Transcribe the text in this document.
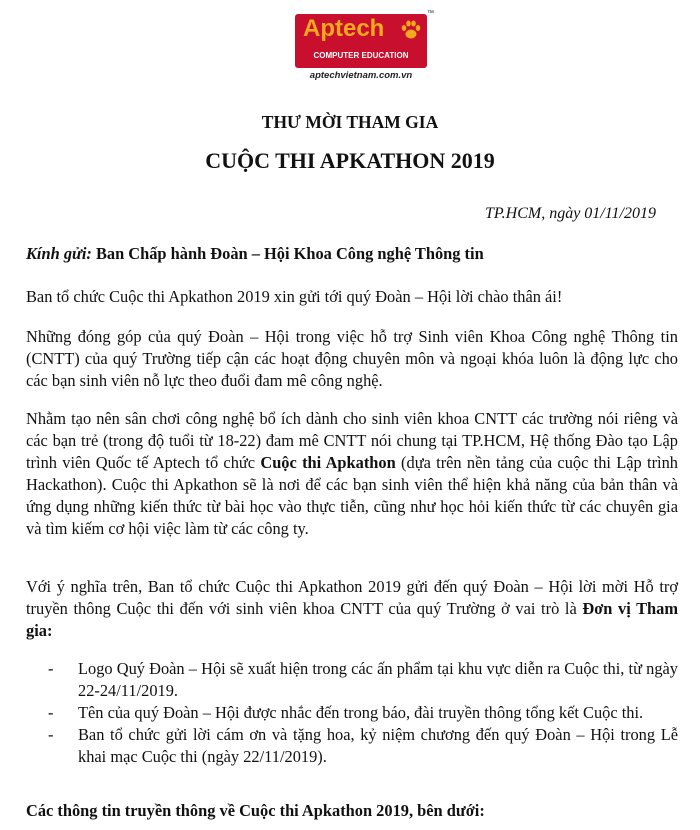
Aptech
™
COMPUTER EDUCATION
aptechvietnam.com.vn
THƯ MỜI THAM GIA
CUỘC THI APKATHON 2019
TP.HCM, ngày 01/11/2019

Kính gửi: Ban Chấp hành Đoàn – Hội Khoa Công nghệ Thông tin

Ban tổ chức Cuộc thi Apkathon 2019 xin gửi tới quý Đoàn – Hội lời chào thân ái!

Những đóng góp của quý Đoàn – Hội trong việc hỗ trợ Sinh viên Khoa Công nghệ Thông tin (CNTT) của quý Trường tiếp cận các hoạt động chuyên môn và ngoại khóa luôn là động lực cho các bạn sinh viên nỗ lực theo đuổi đam mê công nghệ.

Nhằm tạo nên sân chơi công nghệ bổ ích dành cho sinh viên khoa CNTT các trường nói riêng và các bạn trẻ (trong độ tuổi từ 18-22) đam mê CNTT nói chung tại TP.HCM, Hệ thống Đào tạo Lập trình viên Quốc tế Aptech tổ chức Cuộc thi Apkathon (dựa trên nền tảng của cuộc thi Lập trình Hackathon). Cuộc thi Apkathon sẽ là nơi để các bạn sinh viên thể hiện khả năng của bản thân và ứng dụng những kiến thức từ bài học vào thực tiễn, cũng như học hỏi kiến thức từ các chuyên gia và tìm kiếm cơ hội việc làm từ các công ty.

Với ý nghĩa trên, Ban tổ chức Cuộc thi Apkathon 2019 gửi đến quý Đoàn – Hội lời mời Hỗ trợ truyền thông Cuộc thi đến với sinh viên khoa CNTT của quý Trường ở vai trò là Đơn vị Tham gia:

- Logo Quý Đoàn – Hội sẽ xuất hiện trong các ấn phẩm tại khu vực diễn ra Cuộc thi, từ ngày 22-24/11/2019.
- Tên của quý Đoàn – Hội được nhắc đến trong báo, đài truyền thông tổng kết Cuộc thi.
- Ban tổ chức gửi lời cám ơn và tặng hoa, kỷ niệm chương đến quý Đoàn – Hội trong Lễ khai mạc Cuộc thi (ngày 22/11/2019).

Các thông tin truyền thông về Cuộc thi Apkathon 2019, bên dưới:
